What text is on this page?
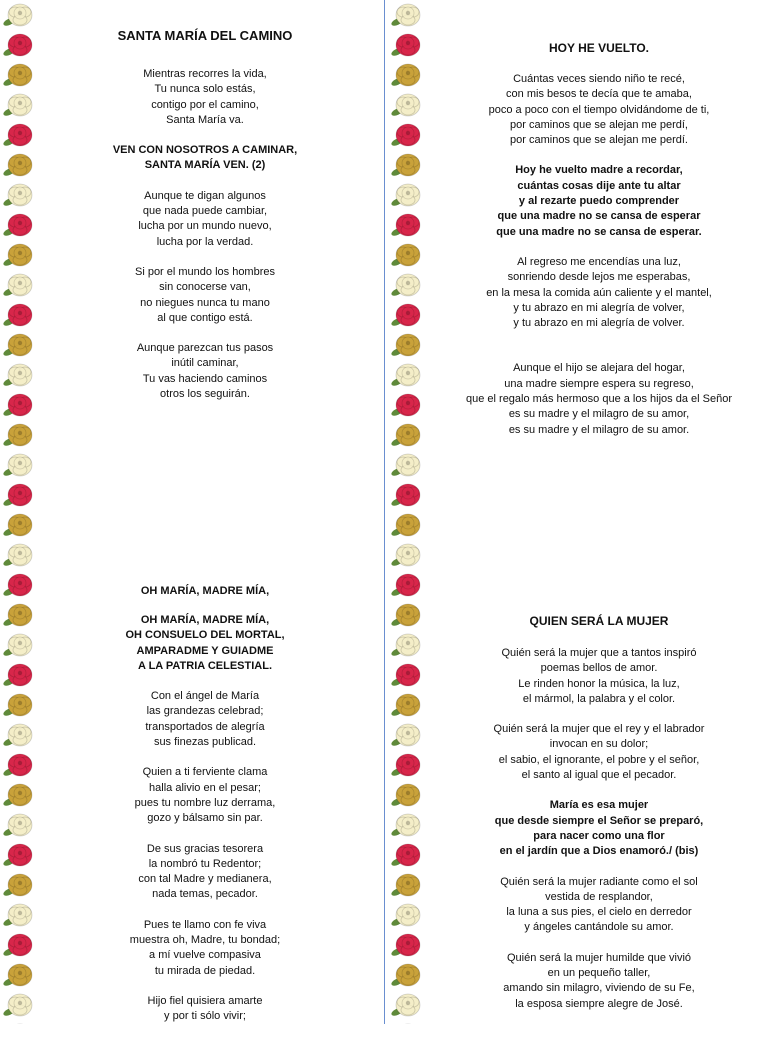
SANTA MARÍA DEL CAMINO
Mientras recorres la vida,
Tu nunca solo estás,
contigo por el camino,
Santa María va.
VEN CON NOSOTROS A CAMINAR,
SANTA MARÍA VEN. (2)
Aunque te digan algunos
que nada puede cambiar,
lucha por un mundo nuevo,
lucha por la verdad.
Si por el mundo los hombres
sin conocerse van,
no niegues nunca tu mano
al que contigo está.
Aunque parezcan tus pasos
inútil caminar,
Tu vas haciendo caminos
otros los seguirán.
HOY HE VUELTO.
Cuántas veces siendo niño te recé,
con mis besos te decía que te amaba,
poco a poco con el tiempo olvidándome de ti,
por caminos que se alejan me perdí,
por caminos que se alejan me perdí.
Hoy he vuelto madre a recordar,
cuántas cosas dije ante tu altar
y al rezarte puedo comprender
que una madre no se cansa de esperar
que una madre no se cansa de esperar.
Al regreso me encendías una luz,
sonriendo desde lejos me esperabas,
en la mesa la comida aún caliente y el mantel,
y tu abrazo en mi alegría de volver,
y tu abrazo en mi alegría de volver.
Aunque el hijo se alejara del hogar,
una madre siempre espera su regreso,
que el regalo más hermoso que a los hijos da el Señor
es su madre y el milagro de su amor,
es su madre y el milagro de su amor.
OH MARÍA, MADRE MÍA,
OH MARÍA, MADRE MÍA,
OH CONSUELO DEL MORTAL,
AMPARADME Y GUIADME
A LA PATRIA CELESTIAL.
Con el ángel de María
las grandezas celebrad;
transportados de alegría
sus finezas publicad.
Quien a ti ferviente clama
halla alivio en el pesar;
pues tu nombre luz derrama,
gozo y bálsamo sin par.
De sus gracias tesorera
la nombró tu Redentor;
con tal Madre y medianera,
nada temas, pecador.
Pues te llamo con fe viva
muestra oh, Madre, tu bondad;
a mí vuelve compasiva
tu mirada de piedad.
Hijo fiel quisiera amarte
y por ti sólo vivir;
QUIEN SERÁ LA MUJER
Quién será la mujer que a tantos inspiró
poemas bellos de amor.
Le rinden honor la música, la luz,
el mármol, la palabra y el color.
Quién será la mujer que el rey y el labrador
invocan en su dolor;
el sabio, el ignorante, el pobre y el señor,
el santo al igual que el pecador.
María es esa mujer
que desde siempre el Señor se preparó,
para nacer como una flor
en el jardín que a Dios enamoró./ (bis)
Quién será la mujer radiante como el sol
vestida de resplandor,
la luna a sus pies, el cielo en derredor
y ángeles cantándole su amor.
Quién será la mujer humilde que vivió
en un pequeño taller,
amando sin milagro, viviendo de su Fe,
la esposa siempre alegre de José.
